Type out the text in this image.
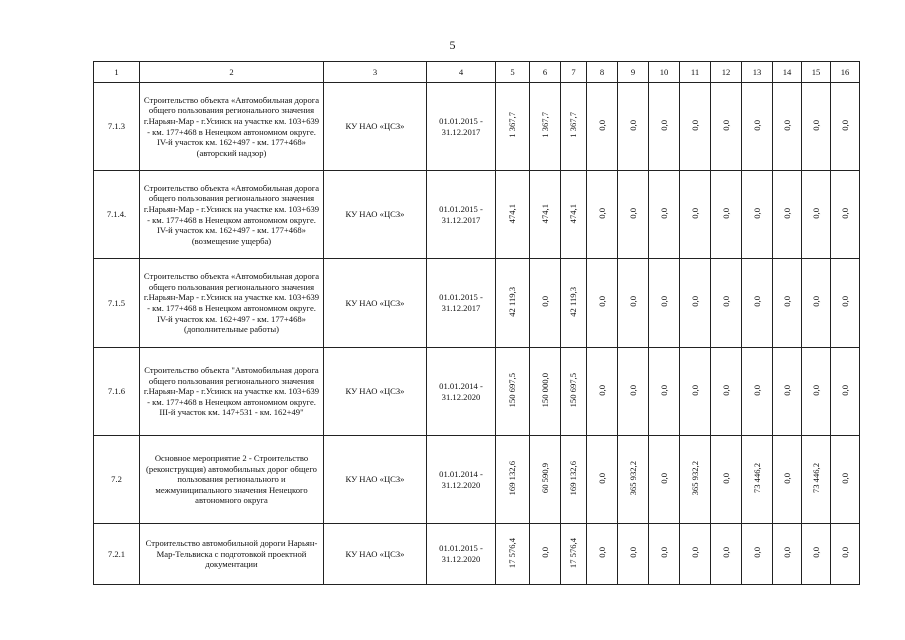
5
1	2	3	4	5	6	7	8	9	10	11	12	13	14	15	16
7.1.3	Строительство объекта «Автомобильная дорога общего пользования регионального значения г.Нарьян-Мар - г.Усинск на участке км. 103+639 - км. 177+468 в Ненецком автономном округе. IV-й участок км. 162+497 - км. 177+468» (авторский надзор)	КУ НАО «ЦСЗ»	01.01.2015 - 31.12.2017	1 367,7	1 367,7	1 367,7	0,0	0,0	0,0	0,0	0,0	0,0	0,0	0,0	0,0
7.1.4.	Строительство объекта «Автомобильная дорога общего пользования регионального значения г.Нарьян-Мар - г.Усинск на участке км. 103+639 - км. 177+468 в Ненецком автономном округе. IV-й участок км. 162+497 - км. 177+468» (возмещение ущерба)	КУ НАО «ЦСЗ»	01.01.2015 - 31.12.2017	474,1	474,1	474,1	0,0	0,0	0,0	0,0	0,0	0,0	0,0	0,0	0,0
7.1.5	Строительство объекта «Автомобильная дорога общего пользования регионального значения г.Нарьян-Мар - г.Усинск на участке км. 103+639 - км. 177+468 в Ненецком автономном округе. IV-й участок км. 162+497 - км. 177+468» (дополнительные работы)	КУ НАО «ЦСЗ»	01.01.2015 - 31.12.2017	42 119,3	0,0	42 119,3	0,0	0,0	0,0	0,0	0,0	0,0	0,0	0,0	0,0
7.1.6	Строительство объекта "Автомобильная дорога общего пользования регионального значения г.Нарьян-Мар - г.Усинск на участке км. 103+639 - км. 177+468 в Ненецком автономном округе. III-й участок км. 147+531 - км. 162+49"	КУ НАО «ЦСЗ»	01.01.2014 - 31.12.2020	150 697,5	150 000,0	150 697,5	0,0	0,0	0,0	0,0	0,0	0,0	0,0	0,0	0,0
7.2	Основное мероприятие 2 - Строительство (реконструкция) автомобильных дорог общего пользования регионального и межмуниципального значения Ненецкого автономного округа	КУ НАО «ЦСЗ»	01.01.2014 - 31.12.2020	169 132,6	60 590,9	169 132,6	0,0	365 932,2	0,0	365 932,2	0,0	73 446,2	0,0	73 446,2	0,0
7.2.1	Строительство автомобильной дороги Нарьян-Мар-Тельвиска с подготовкой проектной документации	КУ НАО «ЦСЗ»	01.01.2015 - 31.12.2020	17 576,4	0,0	17 576,4	0,0	0,0	0,0	0,0	0,0	0,0	0,0	0,0	0,0
